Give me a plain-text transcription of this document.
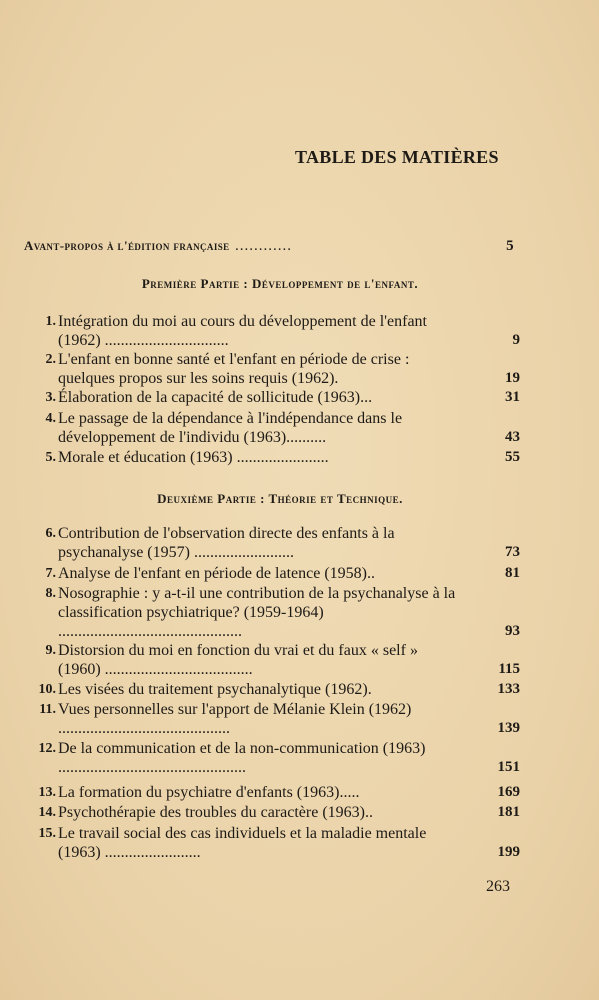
TABLE DES MATIÈRES
Avant-propos à l'édition française ............	5
Première Partie : Développement de l'enfant.
1. Intégration du moi au cours du développement de l'enfant (1962) ...............................	9
2. L'enfant en bonne santé et l'enfant en période de crise : quelques propos sur les soins requis (1962).	19
3. Élaboration de la capacité de sollicitude (1963)...	31
4. Le passage de la dépendance à l'indépendance dans le développement de l'individu (1963)..........	43
5. Morale et éducation (1963) .......................	55
Deuxième Partie : Théorie et Technique.
6. Contribution de l'observation directe des enfants à la psychanalyse (1957) .........................	73
7. Analyse de l'enfant en période de latence (1958)..	81
8. Nosographie : y a-t-il une contribution de la psychanalyse à la classification psychiatrique? (1959-1964) ..............................................	93
9. Distorsion du moi en fonction du vrai et du faux « self » (1960) .....................................	115
10. Les visées du traitement psychanalytique (1962).	133
11. Vues personnelles sur l'apport de Mélanie Klein (1962) ...........................................	139
12. De la communication et de la non-communication (1963) ...............................................	151
13. La formation du psychiatre d'enfants (1963).....	169
14. Psychothérapie des troubles du caractère (1963)..	181
15. Le travail social des cas individuels et la maladie mentale (1963) ........................	199
263
